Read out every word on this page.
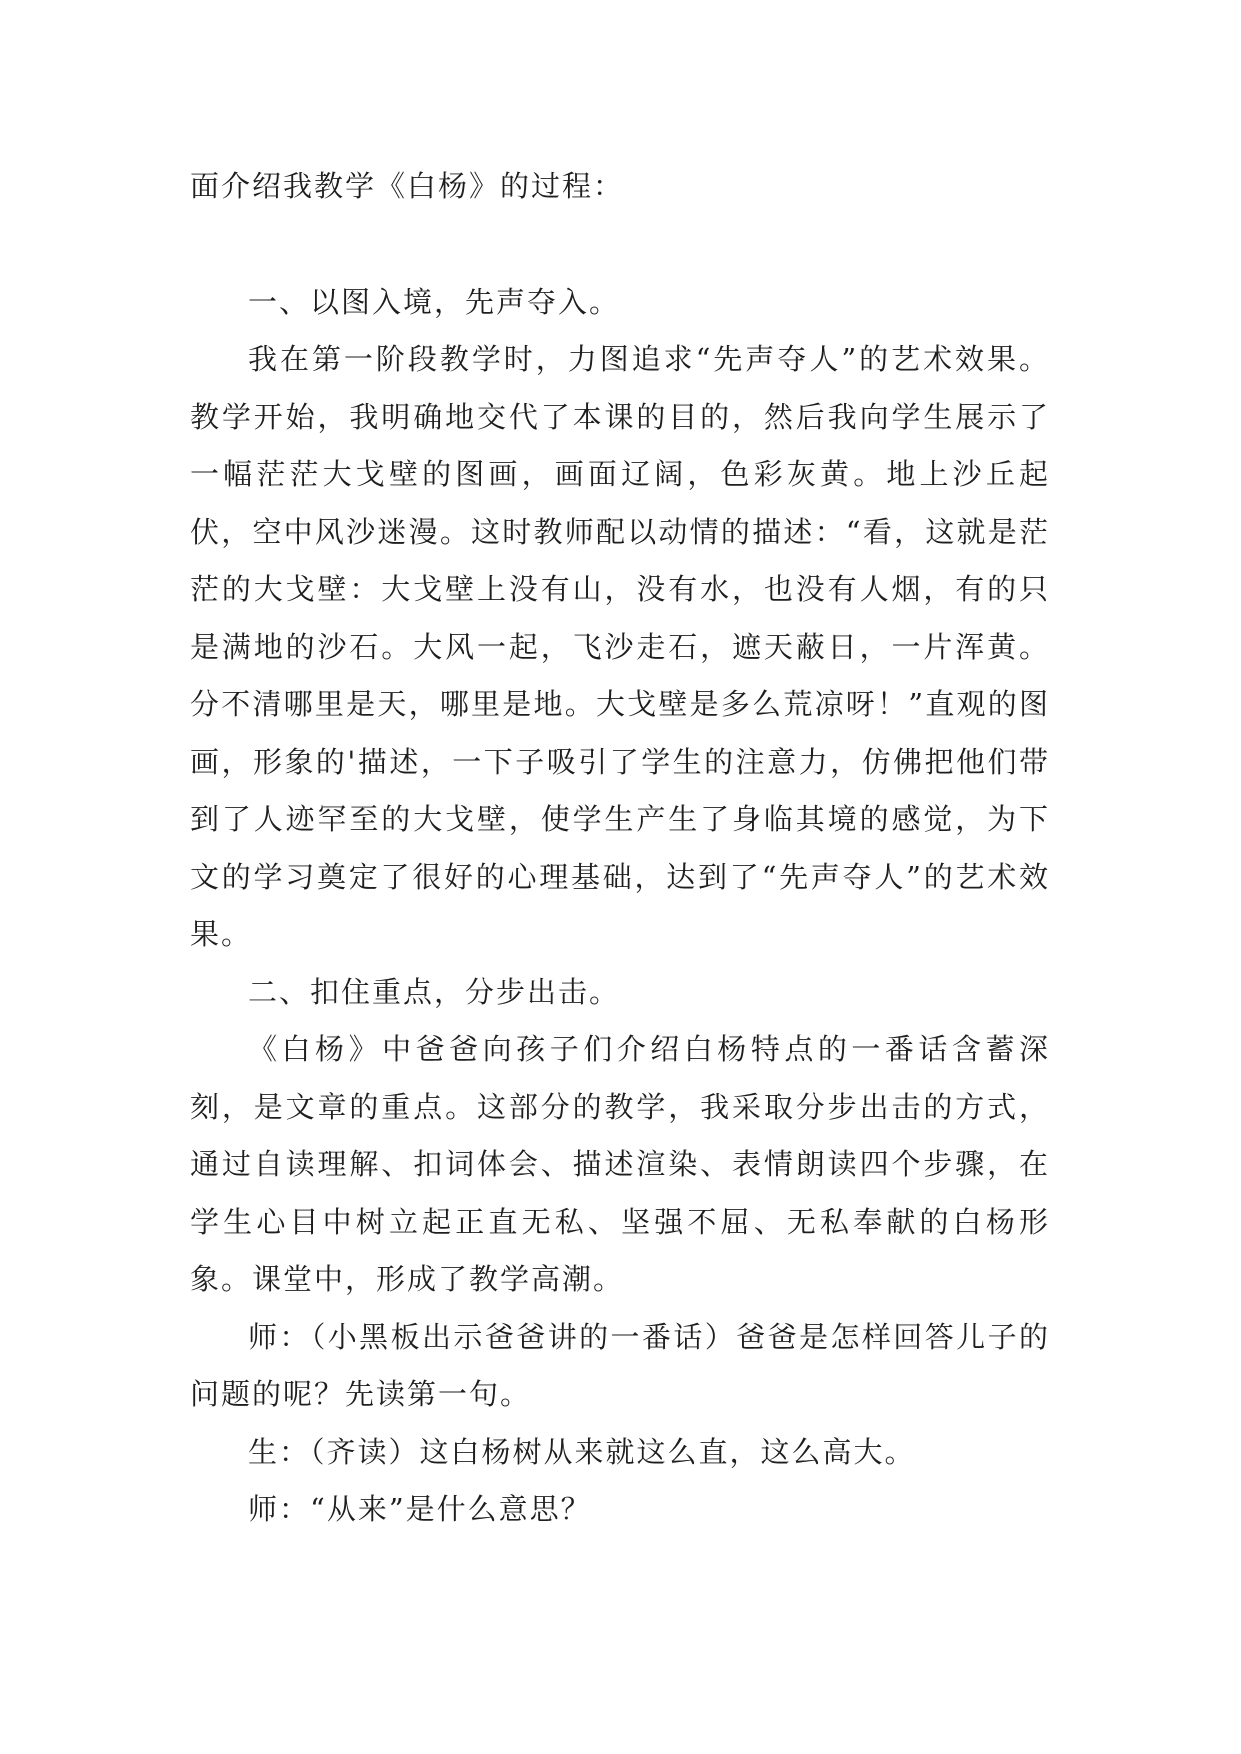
面介绍我教学《白杨》的过程：

一、以图入境，先声夺入。

我在第一阶段教学时，力图追求“先声夺人”的艺术效果。教学开始，我明确地交代了本课的目的，然后我向学生展示了一幅茫茫大戈壁的图画，画面辽阔，色彩灰黄。地上沙丘起伏，空中风沙迷漫。这时教师配以动情的描述：“看，这就是茫茫的大戈壁：大戈壁上没有山，没有水，也没有人烟，有的只是满地的沙石。大风一起，飞沙走石，遮天蔽日，一片浑黄。分不清哪里是天，哪里是地。大戈壁是多么荒凉呀！”直观的图画，形象的'描述，一下子吸引了学生的注意力，仿佛把他们带到了人迹罕至的大戈壁，使学生产生了身临其境的感觉，为下文的学习奠定了很好的心理基础，达到了“先声夺人”的艺术效果。

二、扣住重点，分步出击。

《白杨》中爸爸向孩子们介绍白杨特点的一番话含蓄深刻，是文章的重点。这部分的教学，我采取分步出击的方式，通过自读理解、扣词体会、描述渲染、表情朗读四个步骤，在学生心目中树立起正直无私、坚强不屈、无私奉献的白杨形象。课堂中，形成了教学高潮。

师：（小黑板出示爸爸讲的一番话）爸爸是怎样回答儿子的问题的呢？先读第一句。

生：（齐读）这白杨树从来就这么直，这么高大。

师：“从来”是什么意思？
